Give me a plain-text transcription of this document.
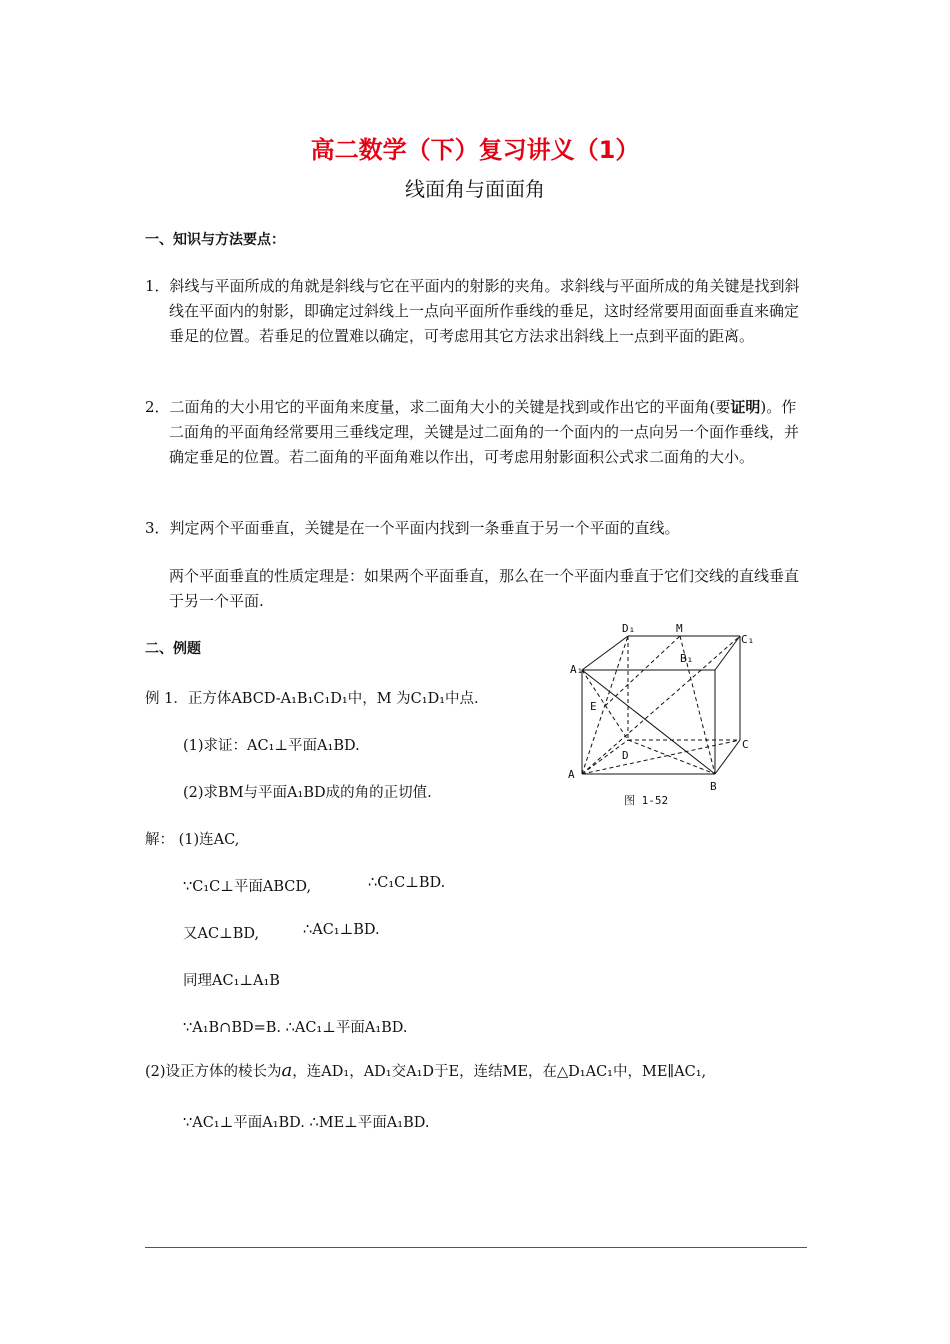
高二数学（下）复习讲义（1）
线面角与面面角
一、知识与方法要点：
1．斜线与平面所成的角就是斜线与它在平面内的射影的夹角。求斜线与平面所成的角关键是找到斜线在平面内的射影，即确定过斜线上一点向平面所作垂线的垂足，这时经常要用面面垂直来确定垂足的位置。若垂足的位置难以确定，可考虑用其它方法求出斜线上一点到平面的距离。
2．二面角的大小用它的平面角来度量，求二面角大小的关键是找到或作出它的平面角(要证明)。作二面角的平面角经常要用三垂线定理，关键是过二面角的一个面内的一点向另一个面作垂线，并确定垂足的位置。若二面角的平面角难以作出，可考虑用射影面积公式求二面角的大小。
3．判定两个平面垂直，关键是在一个平面内找到一条垂直于另一个平面的直线。
两个平面垂直的性质定理是：如果两个平面垂直，那么在一个平面内垂直于它们交线的直线垂直于另一个平面.
二、例题
例 1．正方体ABCD-A₁B₁C₁D₁中，M 为C₁D₁中点.
(1)求证：AC₁⊥平面A₁BD.
(2)求BM与平面A₁BD成的角的正切值.
解： (1)连AC,
∵C₁C⊥平面ABCD,	∴C₁C⊥BD.
又AC⊥BD,	∴AC₁⊥BD.
同理AC₁⊥A₁B
∵A₁B∩BD=B. ∴AC₁⊥平面A₁BD.
(2)设正方体的棱长为a，连AD₁，AD₁交A₁D于E，连结ME，在△D₁AC₁中，ME∥AC₁,
∵AC₁⊥平面A₁BD. ∴ME⊥平面A₁BD.
A₁
D₁	M
C₁
B₁
E
D
C
A
B
图 1-52
